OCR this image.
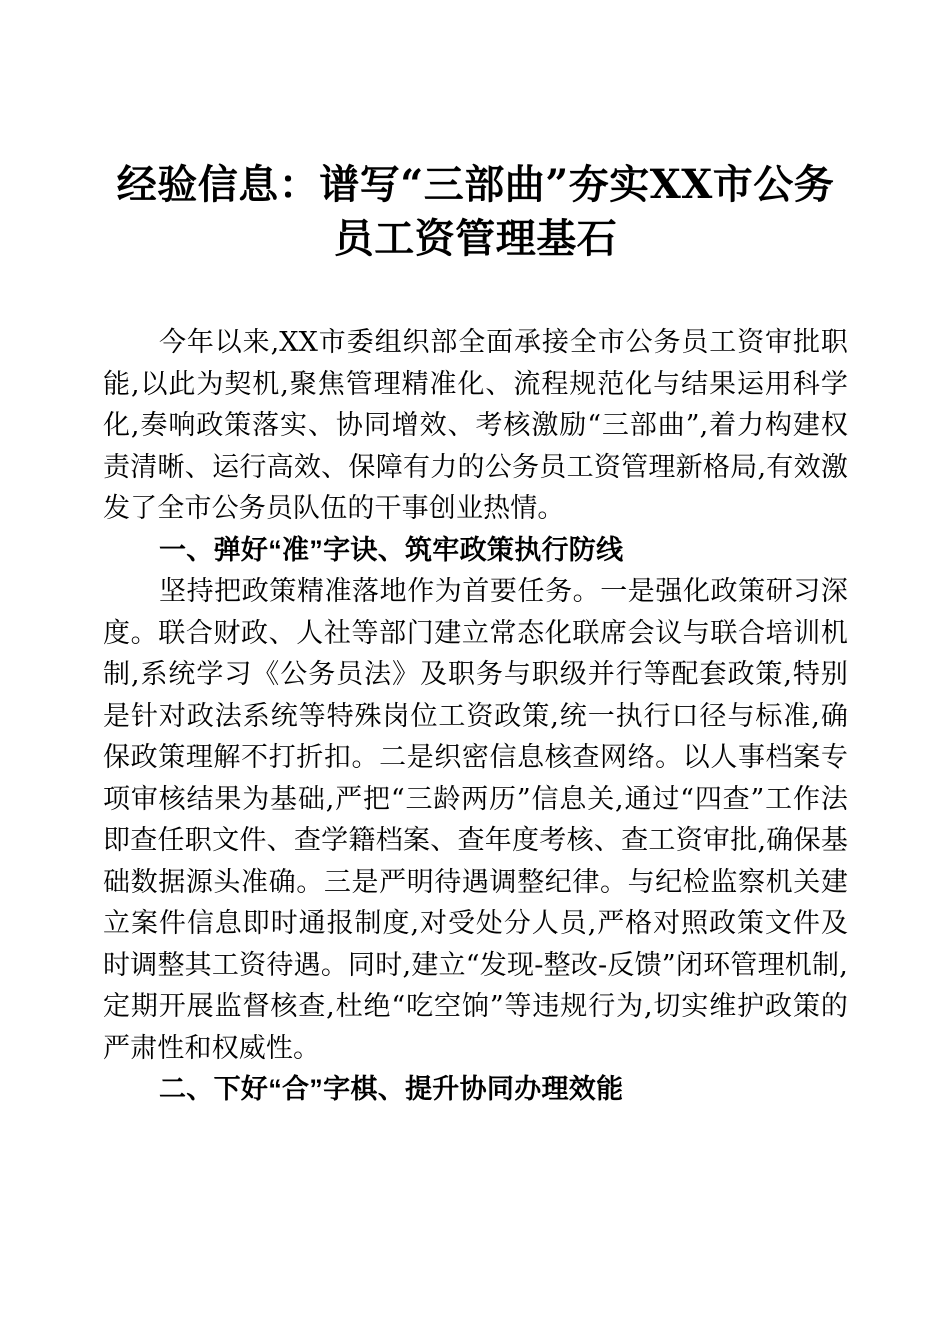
经验信息：谱写“三部曲”夯实XX市公务员工资管理基石

今年以来,XX市委组织部全面承接全市公务员工资审批职能,以此为契机,聚焦管理精准化、流程规范化与结果运用科学化,奏响政策落实、协同增效、考核激励“三部曲”,着力构建权责清晰、运行高效、保障有力的公务员工资管理新格局,有效激发了全市公务员队伍的干事创业热情。

一、弹好“准”字诀、筑牢政策执行防线

坚持把政策精准落地作为首要任务。一是强化政策研习深度。联合财政、人社等部门建立常态化联席会议与联合培训机制,系统学习《公务员法》及职务与职级并行等配套政策,特别是针对政法系统等特殊岗位工资政策,统一执行口径与标准,确保政策理解不打折扣。二是织密信息核查网络。以人事档案专项审核结果为基础,严把“三龄两历”信息关,通过“四查”工作法即查任职文件、查学籍档案、查年度考核、查工资审批,确保基础数据源头准确。三是严明待遇调整纪律。与纪检监察机关建立案件信息即时通报制度,对受处分人员,严格对照政策文件及时调整其工资待遇。同时,建立“发现-整改-反馈”闭环管理机制,定期开展监督核查,杜绝“吃空饷”等违规行为,切实维护政策的严肃性和权威性。

二、下好“合”字棋、提升协同办理效能
